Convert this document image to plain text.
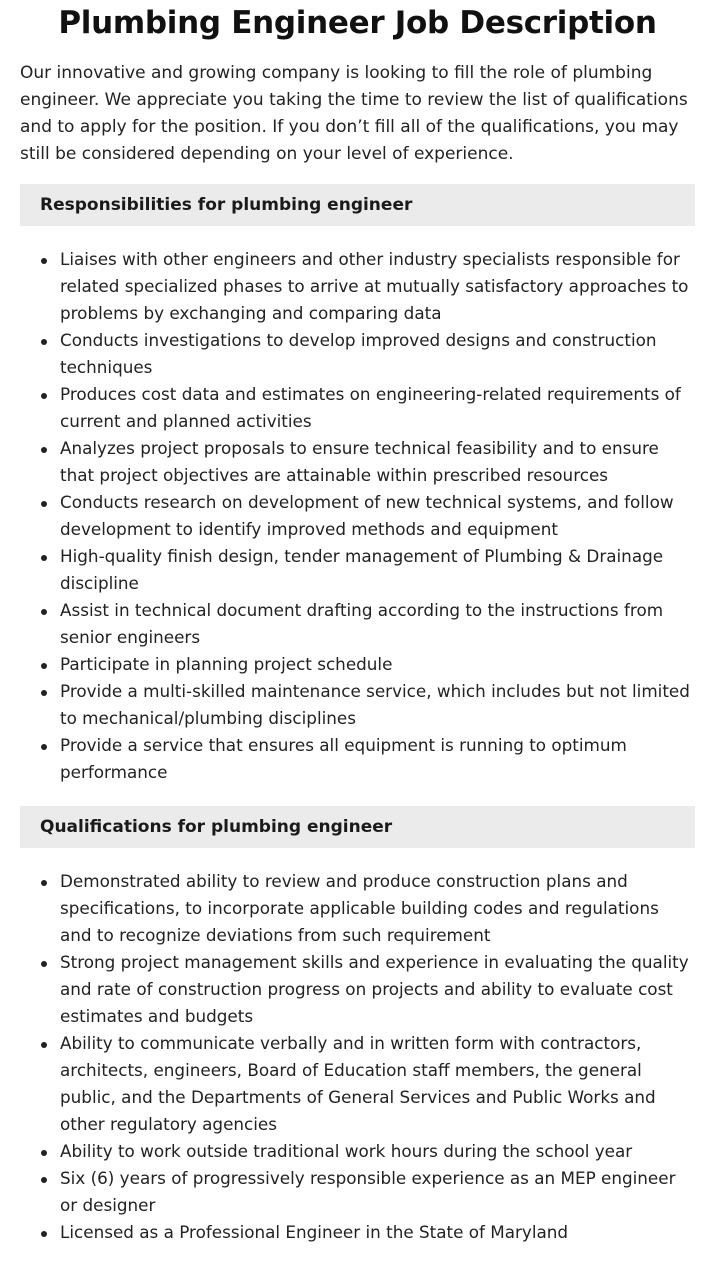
Plumbing Engineer Job Description

Our innovative and growing company is looking to fill the role of plumbing engineer. We appreciate you taking the time to review the list of qualifications and to apply for the position. If you don’t fill all of the qualifications, you may still be considered depending on your level of experience.

Responsibilities for plumbing engineer
Liaises with other engineers and other industry specialists responsible for related specialized phases to arrive at mutually satisfactory approaches to problems by exchanging and comparing data
Conducts investigations to develop improved designs and construction techniques
Produces cost data and estimates on engineering-related requirements of current and planned activities
Analyzes project proposals to ensure technical feasibility and to ensure that project objectives are attainable within prescribed resources
Conducts research on development of new technical systems, and follow development to identify improved methods and equipment
High-quality finish design, tender management of Plumbing & Drainage discipline
Assist in technical document drafting according to the instructions from senior engineers
Participate in planning project schedule
Provide a multi-skilled maintenance service, which includes but not limited to mechanical/plumbing disciplines
Provide a service that ensures all equipment is running to optimum performance
Qualifications for plumbing engineer
Demonstrated ability to review and produce construction plans and specifications, to incorporate applicable building codes and regulations and to recognize deviations from such requirement
Strong project management skills and experience in evaluating the quality and rate of construction progress on projects and ability to evaluate cost estimates and budgets
Ability to communicate verbally and in written form with contractors, architects, engineers, Board of Education staff members, the general public, and the Departments of General Services and Public Works and other regulatory agencies
Ability to work outside traditional work hours during the school year
Six (6) years of progressively responsible experience as an MEP engineer or designer
Licensed as a Professional Engineer in the State of Maryland
